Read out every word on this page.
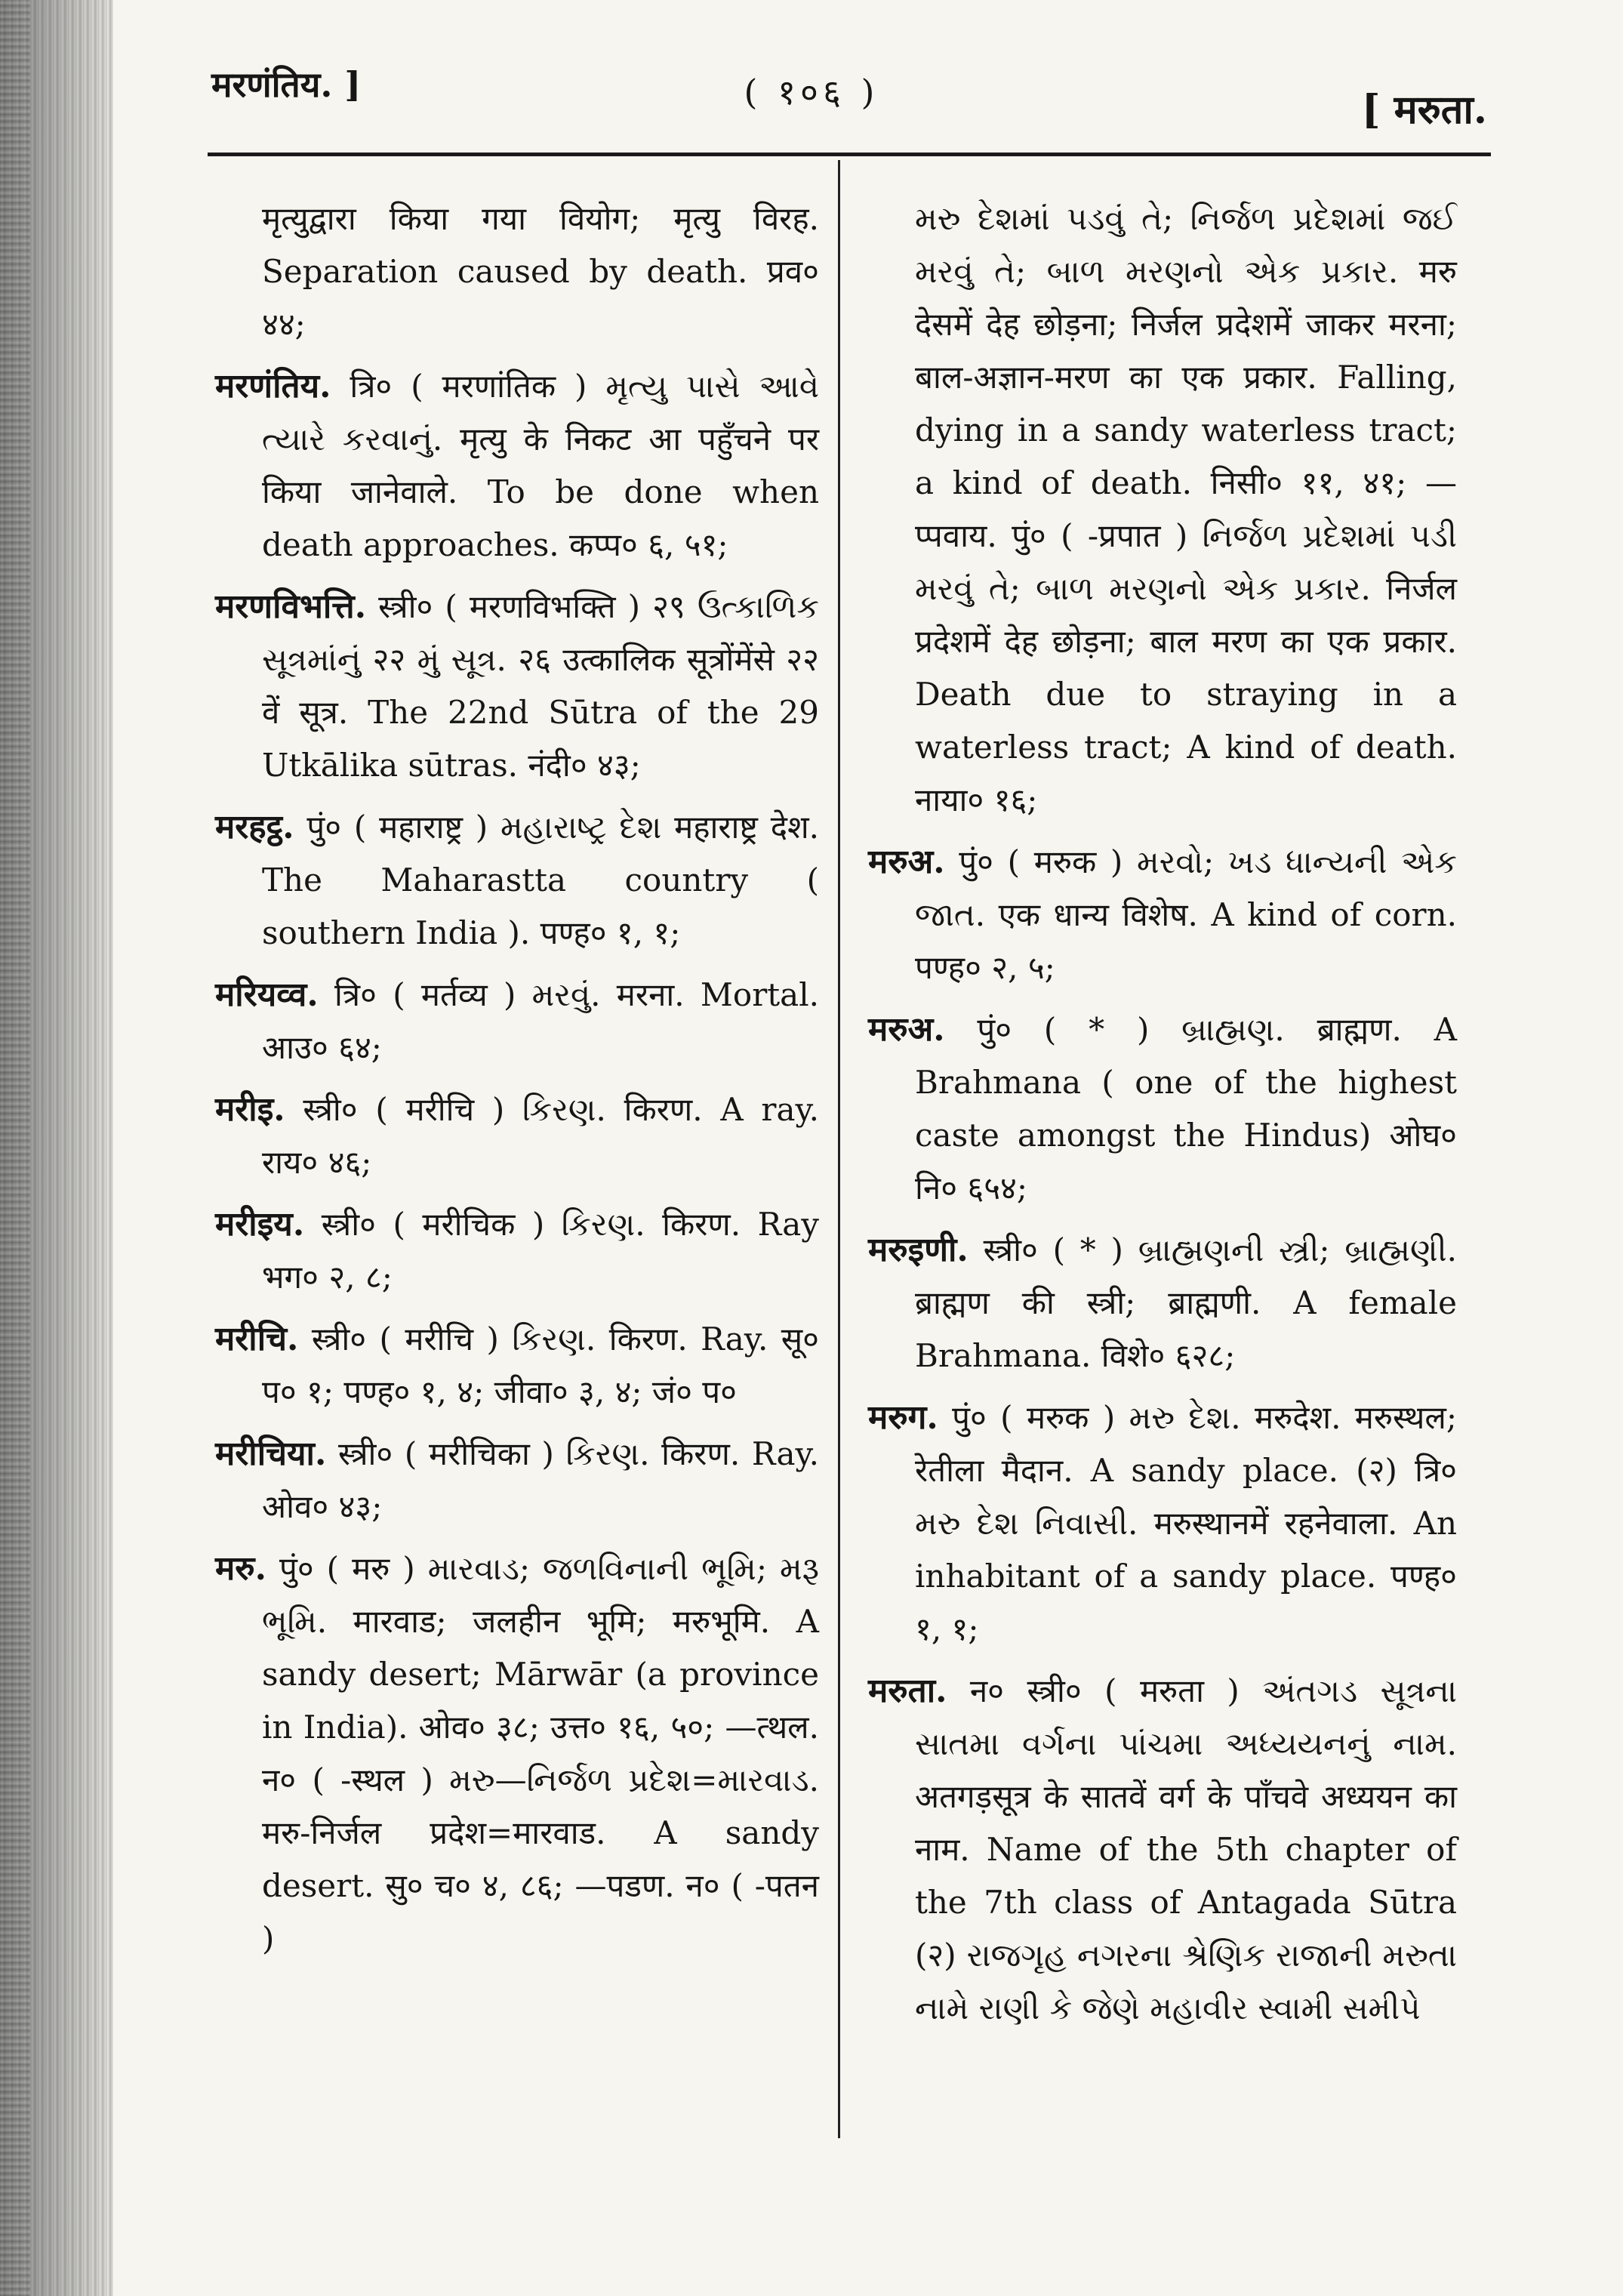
मरणंतिय. ]	( १०६ )	[ मरुता.

मृत्युद्वारा किया गया वियोग; मृत्यु विरह. Separation caused by death. प्रव० ४४;

मरणंतिय. त्रि० ( मरणांतिक ) મૃત્યુ પાસે આવે ત્યારે કરવાનું. मृत्यु के निकट आ पहुँचने पर किया जानेवाले. To be done when death approaches. कप्प० ६, ५१;

मरणविभत्ति. स्त्री० ( मरणविभक्ति ) २९ ઉત્કાળિક સૂત્રમાંનું २२ મું સૂત્ર. २६ उत्कालिक सूत्रोंमेंसे २२ वें सूत्र. The 22nd Sūtra of the 29 Utkālika sūtras. नंदी० ४३;

मरहट्ठ. पुं० ( महाराष्ट्र ) મહારાષ્ટ્ર દેશ महाराष्ट्र देश. The Maharastta country ( southern India ). पण्ह० १, १;

मरियव्व. त्रि० ( मर्तव्य ) મરવું. मरना. Mortal. आउ० ६४;

मरीइ. स्त्री० ( मरीचि ) કિરણ. किरण. A ray. राय० ४६;

मरीइय. स्त्री० ( मरीचिक ) કિરણ. किरण. Ray भग० २, ८;

मरीचि. स्त्री० ( मरीचि ) કિરણ. किरण. Ray. सू० प० १; पण्ह० १, ४; जीवा० ३, ४; जं० प०

मरीचिया. स्त्री० ( मरीचिका ) કિરણ. किरण. Ray. ओव० ४३;

मरु. पुं० ( मरु ) મારવાડ; જળવિનાની ભૂમિ; મરૂ ભૂમિ. मारवाड; जलहीन भूमि; मरुभूमि. A sandy desert; Mārwār (a province in India). ओव० ३८; उत्त० १६, ५०; —त्थल. न० ( -स्थल ) મરુ—નિર્જળ પ્રદેશ=મારવાડ. मरु-निर्जल प्रदेश=मारवाड. A sandy desert. सु० च० ४, ८६; —पडण. न० ( -पतन )

મરુ દેશમાં પડવું તે; નિર્જળ પ્રદેશમાં જઈ મરવું તે; બાળ મરણનો એક પ્રકાર. मरु देसमें देह छोड़ना; निर्जल प्रदेशमें जाकर मरना; बाल-अज्ञान-मरण का एक प्रकार. Falling, dying in a sandy waterless tract; a kind of death. निसी० ११, ४१; —प्पवाय. पुं० ( -प्रपात ) નિર્જળ પ્રદેશમાં પડી મરવું તે; બાળ મરણનો એક પ્રકાર. निर्जल प्रदेशमें देह छोड़ना; बाल मरण का एक प्रकार. Death due to straying in a waterless tract; A kind of death. नाया० १६;

मरुअ. पुं० ( मरुक ) મરવો; ખડ ધાન્યની એક જાત. एक धान्य विशेष. A kind of corn. पण्ह० २, ५;

मरुअ. पुं० ( * ) બ્રાહ્મણ. ब्राह्मण. A Brahmana ( one of the highest caste amongst the Hindus) ओघ० नि० ६५४;

मरुइणी. स्त्री० ( * ) બ્રાહ્મણની સ્ત્રી; બ્રાહ્મણી. ब्राह्मण की स्त्री; ब्राह्मणी. A female Brahmana. विशे० ६२८;

मरुग. पुं० ( मरुक ) મરુ દેશ. मरुदेश. मरुस्थल; रेतीला मैदान. A sandy place. (२) त्रि० મરુ દેશ નિવાસી. मरुस्थानमें रहनेवाला. An inhabitant of a sandy place. पण्ह० १, १;

मरुता. न० स्त्री० ( मरुता ) અંતગડ સૂત્રના સાતમા વર્ગના પાંચમા અધ્યયનનું નામ. अतगड़सूत्र के सातवें वर्ग के पाँचवे अध्ययन का नाम. Name of the 5th chapter of the 7th class of Antagada Sūtra (२) રાજગૃહ નગરના શ્રેણિક રાજાની મરુતા નામે રાણી કે જેણે મહાવીર સ્વામી સમીપે
